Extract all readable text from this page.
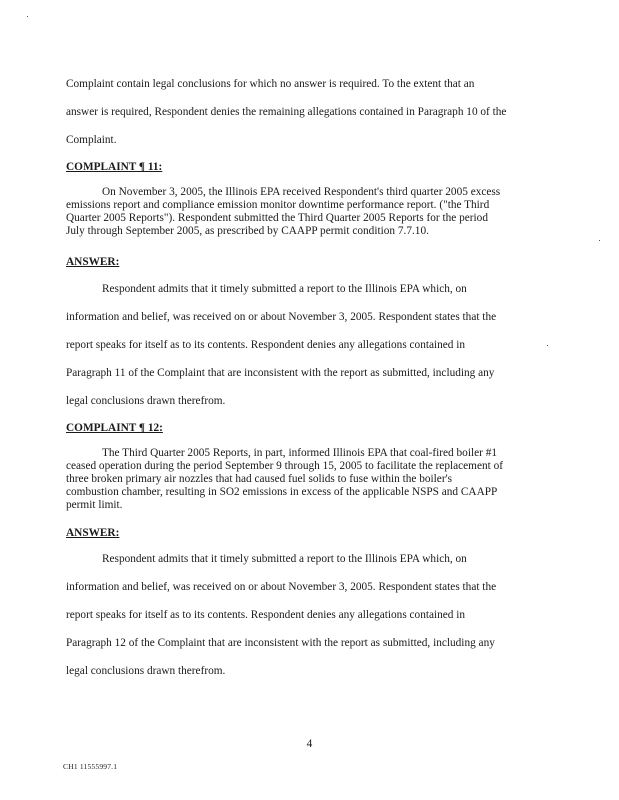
Complaint contain legal conclusions for which no answer is required. To the extent that an
answer is required, Respondent denies the remaining allegations contained in Paragraph 10 of the
Complaint.
COMPLAINT ¶ 11:
On November 3, 2005, the Illinois EPA received Respondent's third quarter 2005 excess
emissions report and compliance emission monitor downtime performance report. ("the Third
Quarter 2005 Reports"). Respondent submitted the Third Quarter 2005 Reports for the period
July through September 2005, as prescribed by CAAPP permit condition 7.7.10.
ANSWER:
Respondent admits that it timely submitted a report to the Illinois EPA which, on
information and belief, was received on or about November 3, 2005. Respondent states that the
report speaks for itself as to its contents. Respondent denies any allegations contained in
Paragraph 11 of the Complaint that are inconsistent with the report as submitted, including any
legal conclusions drawn therefrom.
COMPLAINT ¶ 12:
The Third Quarter 2005 Reports, in part, informed Illinois EPA that coal-fired boiler #1
ceased operation during the period September 9 through 15, 2005 to facilitate the replacement of
three broken primary air nozzles that had caused fuel solids to fuse within the boiler's
combustion chamber, resulting in SO2 emissions in excess of the applicable NSPS and CAAPP
permit limit.
ANSWER:
Respondent admits that it timely submitted a report to the Illinois EPA which, on
information and belief, was received on or about November 3, 2005. Respondent states that the
report speaks for itself as to its contents. Respondent denies any allegations contained in
Paragraph 12 of the Complaint that are inconsistent with the report as submitted, including any
legal conclusions drawn therefrom.
4
CH1 11555997.1
